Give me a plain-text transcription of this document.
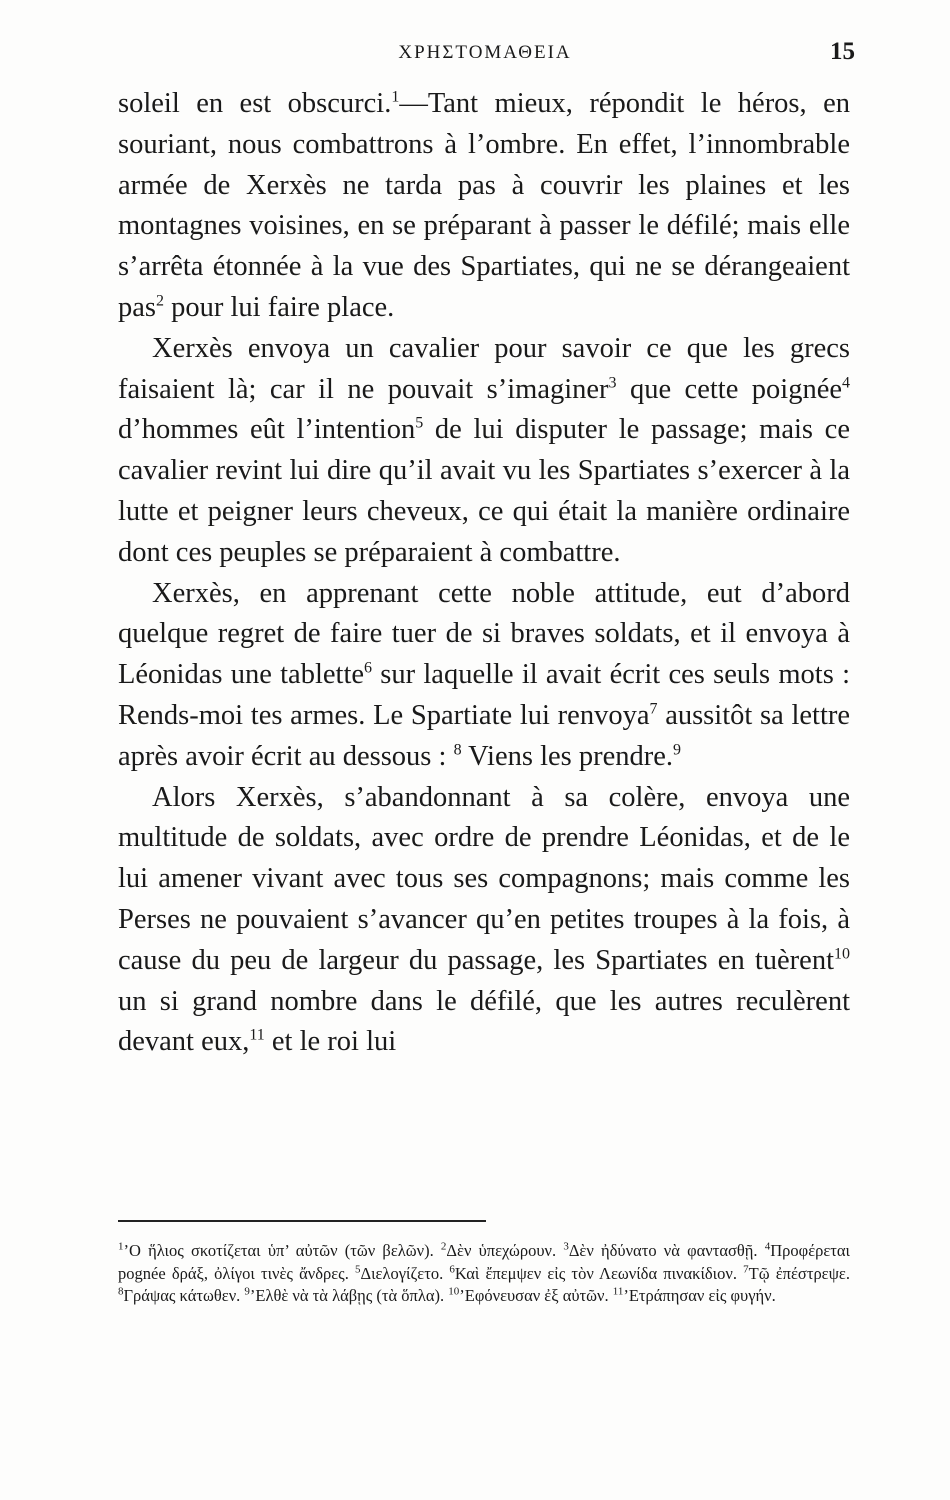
ΧΡΗΣΤΟΜΑΘΕΙΑ	15

soleil en est obscurci.$^1$—Tant mieux, répondit le héros, en souriant, nous combattrons à l’ombre. En effet, l’innombrable armée de Xerxès ne tarda pas à couvrir les plaines et les montagnes voisines, en se préparant à passer le défilé; mais elle s’arrêta étonnée à la vue des Spartiates, qui ne se dérangeaient pas$^2$ pour lui faire place.

Xerxès envoya un cavalier pour savoir ce que les grecs faisaient là; car il ne pouvait s’imaginer$^3$ que cette poignée$^4$ d’hommes eût l’intention$^5$ de lui disputer le passage; mais ce cavalier revint lui dire qu’il avait vu les Spartiates s’exercer à la lutte et peigner leurs cheveux, ce qui était la manière ordinaire dont ces peuples se préparaient à combattre.

Xerxès, en apprenant cette noble attitude, eut d’abord quelque regret de faire tuer de si braves soldats, et il envoya à Léonidas une tablette$^6$ sur laquelle il avait écrit ces seuls mots : Rends-moi tes armes. Le Spartiate lui renvoya$^7$ aussitôt sa lettre après avoir écrit au dessous : $^8$ Viens les prendre.$^9$

Alors Xerxès, s’abandonnant à sa colère, envoya une multitude de soldats, avec ordre de prendre Léonidas, et de le lui amener vivant avec tous ses compagnons; mais comme les Perses ne pouvaient s’avancer qu’en petites troupes à la fois, à cause du peu de largeur du passage, les Spartiates en tuèrent$^{10}$ un si grand nombre dans le défilé, que les autres reculèrent devant eux,$^{11}$ et le roi lui

$^1$’Ο ἥλιος σκοτίζεται ὑπ’ αὐτῶν (τῶν βελῶν). $^2$Δὲν ὑπεχώρουν. $^3$Δὲν ἠδύνατο νὰ φαντασθῇ. $^4$Προφέρεται pognée δράξ, ὀλίγοι τινὲς ἄνδρες. $^5$Διελογίζετο. $^6$Καὶ ἔπεμψεν εἰς τὸν Λεωνίδα πινακίδιον. $^7$Τῷ ἐπέστρεψε. $^8$Γράψας κάτωθεν. $^9$’Ελθὲ νὰ τὰ λάβῃς (τὰ ὅπλα). $^{10}$’Εφόνευσαν ἐξ αὐτῶν. $^{11}$’Ετράπησαν εἰς φυγήν.
